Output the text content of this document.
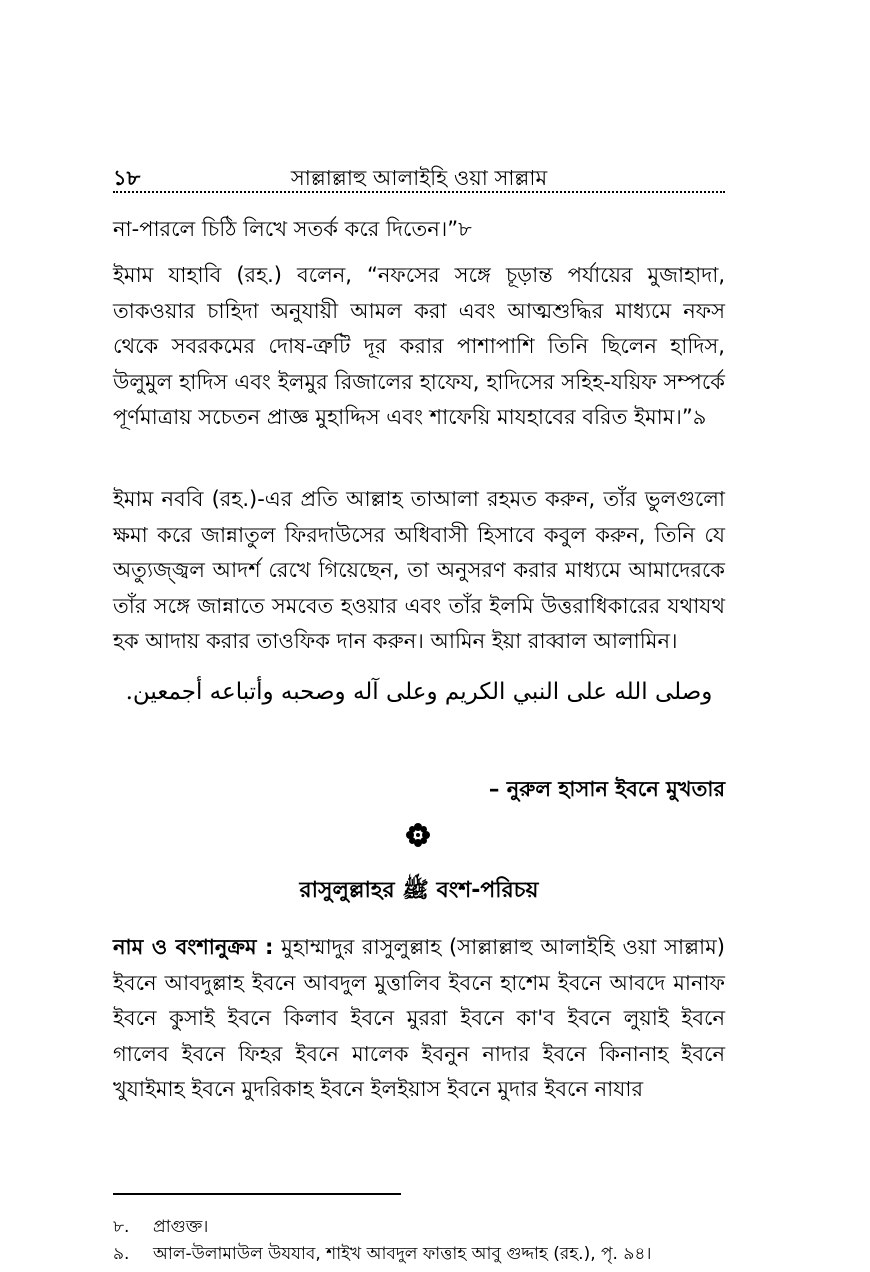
১৮	সাল্লাল্লাহু আলাইহি ওয়া সাল্লাম

না-পারলে চিঠি লিখে সতর্ক করে দিতেন।”৮

ইমাম যাহাবি (রহ.) বলেন, “নফসের সঙ্গে চূড়ান্ত পর্যায়ের মুজাহাদা, তাকওয়ার চাহিদা অনুযায়ী আমল করা এবং আত্মশুদ্ধির মাধ্যমে নফস থেকে সবরকমের দোষ-ত্রুটি দূর করার পাশাপাশি তিনি ছিলেন হাদিস, উলুমুল হাদিস এবং ইলমুর রিজালের হাফেয, হাদিসের সহিহ-যয়িফ সম্পর্কে পূর্ণমাত্রায় সচেতন প্রাজ্ঞ মুহাদ্দিস এবং শাফেয়ি মাযহাবের বরিত ইমাম।”৯

ইমাম নববি (রহ.)-এর প্রতি আল্লাহ তাআলা রহমত করুন, তাঁর ভুলগুলো ক্ষমা করে জান্নাতুল ফিরদাউসের অধিবাসী হিসাবে কবুল করুন, তিনি যে অত্যুজ্জ্বল আদর্শ রেখে গিয়েছেন, তা অনুসরণ করার মাধ্যমে আমাদেরকে তাঁর সঙ্গে জান্নাতে সমবেত হওয়ার এবং তাঁর ইলমি উত্তরাধিকারের যথাযথ হক আদায় করার তাওফিক দান করুন। আমিন ইয়া রাব্বাল আলামিন।

وصلى الله على النبي الكريم وعلى آله وصحبه وأتباعه أجمعين.
– নুরুল হাসান ইবনে মুখতার
রাসুলুল্লাহর ﷺ বংশ-পরিচয়

নাম ও বংশানুক্রম : মুহাম্মাদুর রাসুলুল্লাহ (সাল্লাল্লাহু আলাইহি ওয়া সাল্লাম) ইবনে আবদুল্লাহ ইবনে আবদুল মুত্তালিব ইবনে হাশেম ইবনে আবদে মানাফ ইবনে কুসাই ইবনে কিলাব ইবনে মুররা ইবনে কা'ব ইবনে লুয়াই ইবনে গালেব ইবনে ফিহর ইবনে মালেক ইবনুন নাদার ইবনে কিনানাহ ইবনে খুযাইমাহ ইবনে মুদরিকাহ ইবনে ইলইয়াস ইবনে মুদার ইবনে নাযার

৮. প্রাগুক্ত।
৯. আল-উলামাউল উযযাব, শাইখ আবদুল ফাত্তাহ আবু গুদ্দাহ (রহ.), পৃ. ৯৪।
